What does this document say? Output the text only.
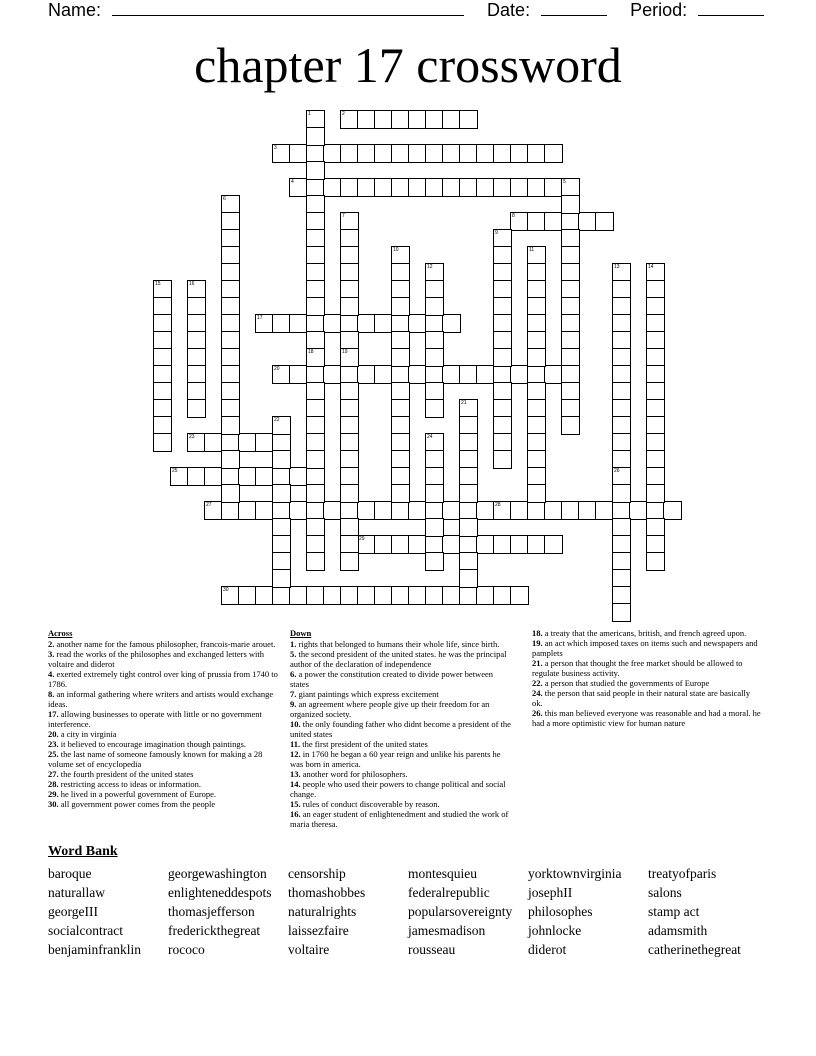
Name:	Date:	Period:
chapter 17 crossword
2
3
4
8
17
20
23
25
27	28
29
30
1
5
6
7
9
10	11
12	13	14
15	16
18	19
21
22
24
26
Across
2. another name for the famous philosopher, francois-marie arouet.
3. read the works of the philosophes and exchanged letters with voltaire and diderot
4. exerted extremely tight control over king of prussia from 1740 to 1786.
8. an informal gathering where writers and artists would exchange ideas.
17. allowing businesses to operate with little or no government interference.
20. a city in virginia
23. it believed to encourage imagination though paintings.
25. the last name of someone famously known for making a 28 volume set of encyclopedia
27. the fourth president of the united states
28. restricting access to ideas or information.
29. he lived in a powerful government of Europe.
30. all government power comes from the people
Down
1. rights that belonged to humans their whole life, since birth.
5. the second president of the united states. he was the principal author of the declaration of independence
6. a power the constitution created to divide power between states
7. giant paintings which express excitement
9. an agreement where people give up their freedom for an organized society.
10. the only founding father who didnt become a president of the united states
11. the first president of the united states
12. in 1760 he began a 60 year reign and unlike his parents he was born in america.
13. another word for philosophers.
14. people who used their powers to change political and social change.
15. rules of conduct discoverable by reason.
16. an eager student of enlightenedment and studied the work of maria theresa.
18. a treaty that the americans, british, and french agreed upon.
19. an act which imposed taxes on items such and newspapers and pamplets
21. a person that thought the free market should be allowed to regulate business activity.
22. a person that studied the governments of Europe
24. the person that said people in their natural state are basically ok.
26. this man believed everyone was reasonable and had a moral. he had a more optimistic view for human nature
Word Bank
baroque	georgewashington	censorship	montesquieu	yorktownvirginia	treatyofparis
naturallaw	enlighteneddespots	thomashobbes	federalrepublic	josephII	salons
georgeIII	thomasjefferson	naturalrights	popularsovereignty	philosophes	stamp act
socialcontract	frederickthegreat	laissezfaire	jamesmadison	johnlocke	adamsmith
benjaminfranklin	rococo	voltaire	rousseau	diderot	catherinethegreat
